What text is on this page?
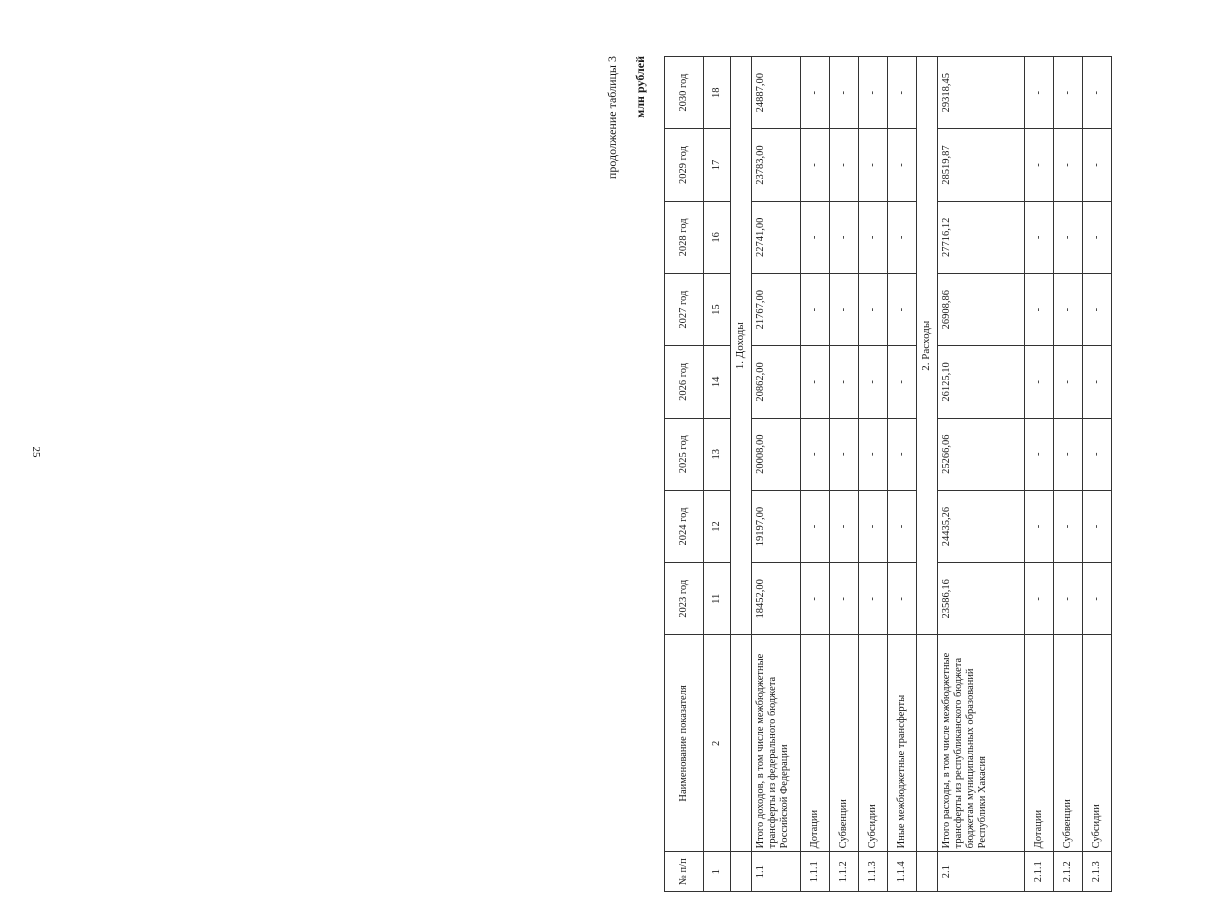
25
продолжение таблицы 3 млн рублей
№ п/п	Наименование показателя	2023 год	2024 год	2025 год	2026 год	2027 год	2028 год	2029 год	2030 год
1	2	11	12	13	14	15	16	17	18
		1. Доходы							
1.1	Итого доходов, в том числе межбюджетные трансферты из федерального бюджета Российской Федерации	18452,00	19197,00	20008,00	20862,00	21767,00	22741,00	23783,00	24887,00
1.1.1	Дотации	-	-	-	-	-	-	-	-
1.1.2	Субвенции	-	-	-	-	-	-	-	-
1.1.3	Субсидии	-	-	-	-	-	-	-	-
1.1.4	Иные межбюджетные трансферты	-	-	-	-	-	-	-	-
		2. Расходы							
2.1	Итого расходы, в том числе межбюджетные трансферты из республиканского бюджета бюджетам муниципальных образований Республики Хакасия	23586,16	24435,26	25266,06	26125,10	26908,86	27716,12	28519,87	29318,45
2.1.1	Дотации	-	-	-	-	-	-	-	-
2.1.2	Субвенции	-	-	-	-	-	-	-	-
2.1.3	Субсидии	-	-	-	-	-	-	-	-
